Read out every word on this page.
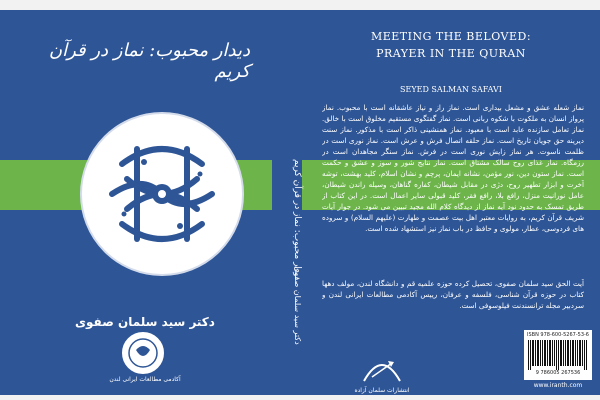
دیدار محبوب: نماز در قرآن کریم
دکتر سید سلمان صفوی
آکادمی مطالعات ایرانی لندن
دیدار محبوب: نماز در قرآن کریم
دکتر سید سلمان صفوی
MEETING THE BELOVED:
PRAYER IN THE QURAN
SEYED SALMAN SAFAVI
نماز شعله عشق و مشعل بیداری است. نماز راز و نیاز عاشقانه است با محبوب. نماز پرواز انسان به ملکوت با شکوه ربانی است. نماز گفتگوی مستقیم مخلوق است با خالق. نماز تعامل سازنده عابد است با معبود. نماز همنشینی ذاکر است با مذکور. نماز سنت دیرینه حق جویان تاریخ است. نماز حلقه اتصال فرش و عرش است. نماز نوری است در ظلمت ناسوت. هر نماز زایش نوری است در فرش. نماز سنگر مجاهدان است در رزمگاه. نماز غذای روح سالک مشتاق است. نماز نتایج شور و سوز و عشق و حکمت است. نماز ستون دین، نور مؤمن، نشانه ایمان، پرچم و نشان اسلام، کلید بهشت، توشه آخرت و ابزار تطهیر روح، دژی در مقابل شیطان، کفاره گناهان، وسیله راندن شیطان، عامل نورانیت منزل، رافع بلا، رافع فقر، کلید قبولی سایر اعمال است. در این کتاب از طریق تمسک به حدود نود آیه نماز از دیدگاه کلام الله مجید تبیین می شود. در جوار آیات شریف قرآن کریم، به روایات معتبر اهل بیت عصمت و طهارت (علیهم السلام) و سروده های فردوسی، عطار، مولوی و حافظ در باب نماز نیز استشهاد شده است.
آیت الحق سید سلمان صفوی، تحصیل کرده حوزه علمیه قم و دانشگاه لندن، مولف دهها کتاب در حوزه قرآن شناسی، فلسفه و عرفان، رییس آکادمی مطالعات ایرانی لندن و سردبیر مجله ترانسندنت فیلوسوفی است.
انتشارات سلمان آزاده
ISBN 978-600-5267-53-6
9 786005 267536
www.iranth.com
